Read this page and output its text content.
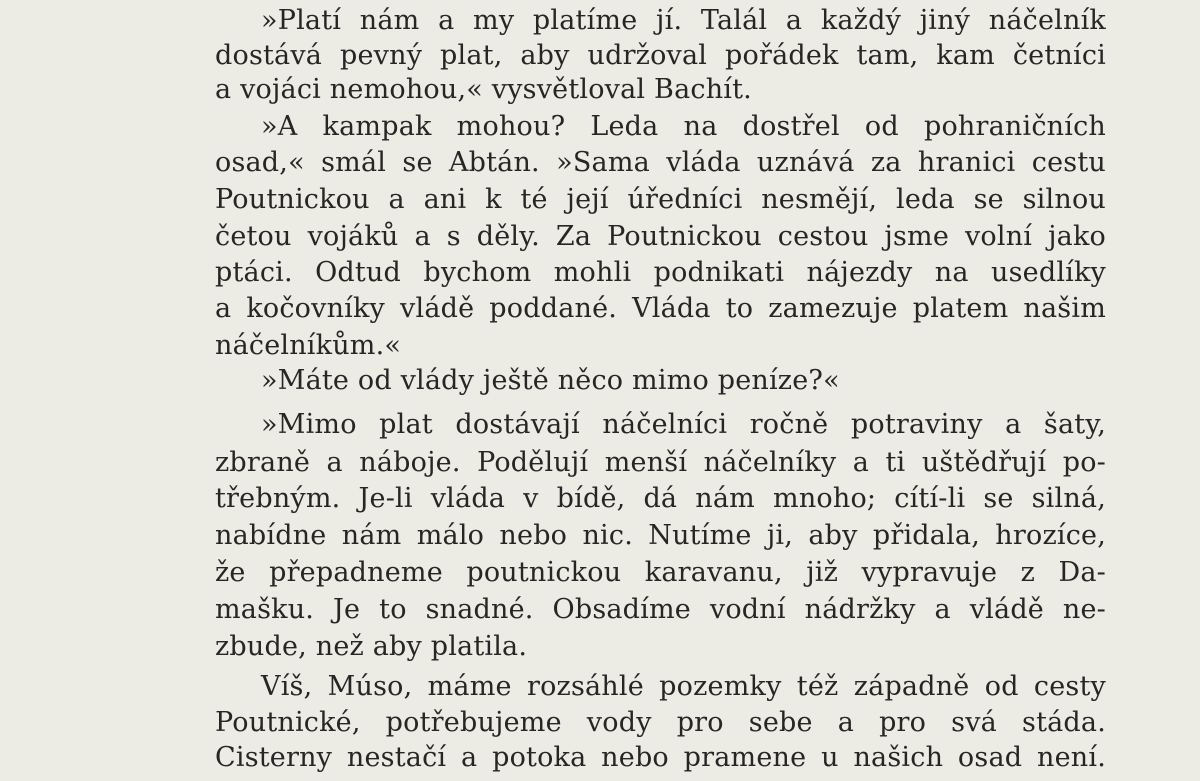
»Platí nám a my platíme jí. Talál a každý jiný náčelník
dostává pevný plat, aby udržoval pořádek tam, kam četníci
a vojáci nemohou,« vysvětloval Bachít.
»A kampak mohou? Leda na dostřel od pohraničních
osad,« smál se Abtán. »Sama vláda uznává za hranici cestu
Poutnickou a ani k té její úředníci nesmějí, leda se silnou
četou vojáků a s děly. Za Poutnickou cestou jsme volní jako
ptáci. Odtud bychom mohli podnikati nájezdy na usedlíky
a kočovníky vládě poddané. Vláda to zamezuje platem našim
náčelníkům.«
»Máte od vlády ještě něco mimo peníze?«
»Mimo plat dostávají náčelníci ročně potraviny a šaty,
zbraně a náboje. Podělují menší náčelníky a ti uštědřují po-
třebným. Je-li vláda v bídě, dá nám mnoho; cítí-li se silná,
nabídne nám málo nebo nic. Nutíme ji, aby přidala, hrozíce,
že přepadneme poutnickou karavanu, již vypravuje z Da-
mašku. Je to snadné. Obsadíme vodní nádržky a vládě ne-
zbude, než aby platila.
Víš, Músо, máme rozsáhlé pozemky též západně od cesty
Poutnické, potřebujeme vody pro sebe a pro svá stáda.
Cisterny nestačí a potoka nebo pramene u našich osad není.
